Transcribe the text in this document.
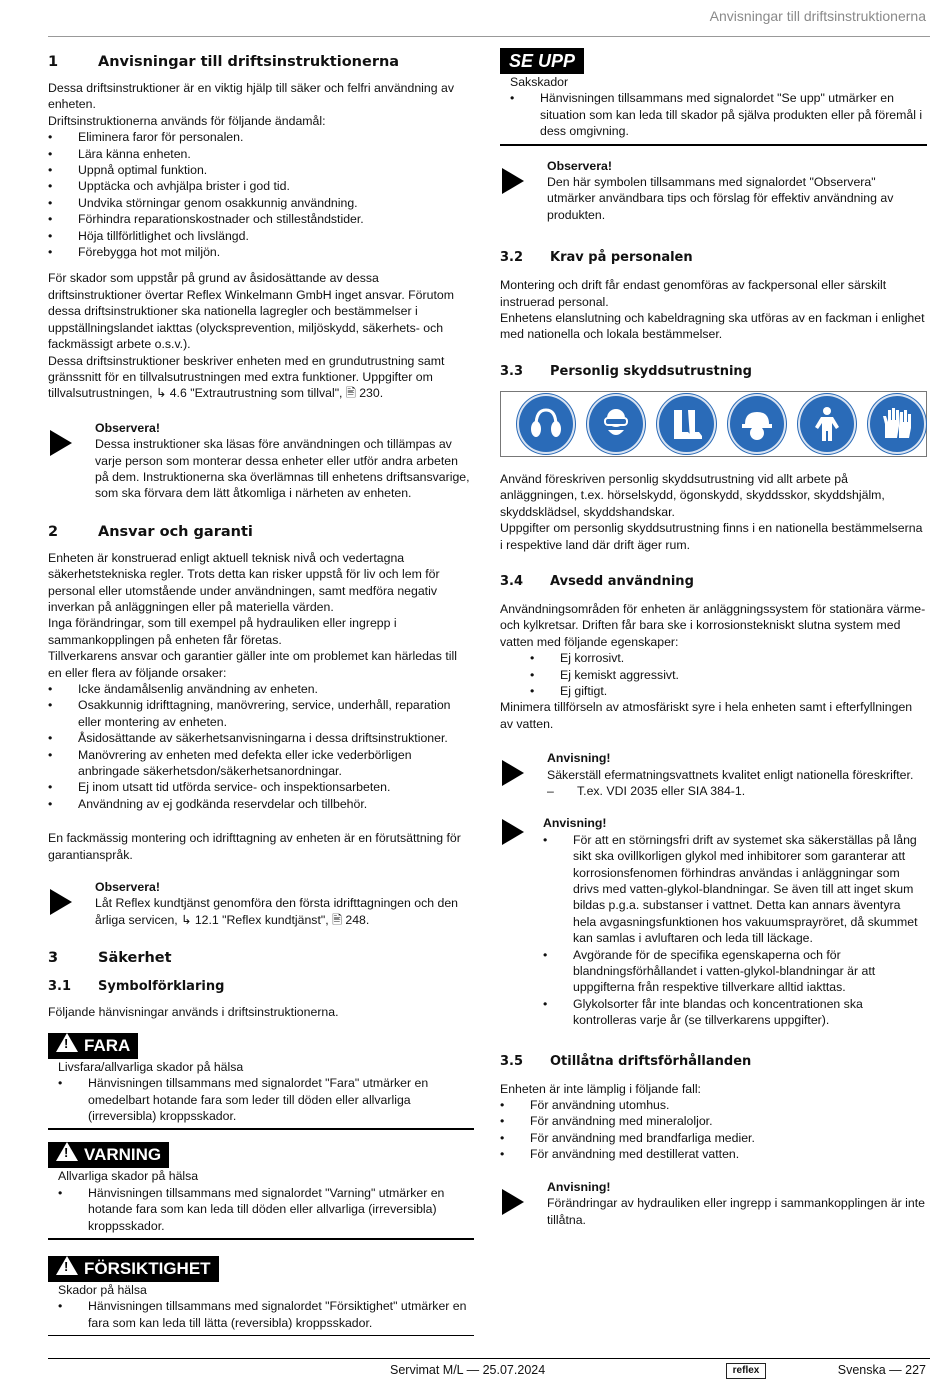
Anvisningar till driftsinstruktionerna
1	Anvisningar till driftsinstruktionerna

Dessa driftsinstruktioner är en viktig hjälp till säker och felfri användning av enheten.

Driftsinstruktionerna används för följande ändamål:

• Eliminera faror för personalen.
• Lära känna enheten.
• Uppnå optimal funktion.
• Upptäcka och avhjälpa brister i god tid.
• Undvika störningar genom osakkunnig användning.
• Förhindra reparationskostnader och stilleståndstider.
• Höja tillförlitlighet och livslängd.
• Förebygga hot mot miljön.

För skador som uppstår på grund av åsidosättande av dessa driftsinstruktioner övertar Reflex Winkelmann GmbH inget ansvar. Förutom dessa driftsinstruktioner ska nationella lagregler och bestämmelser i uppställningslandet iakttas (olycksprevention, miljöskydd, säkerhets- och fackmässigt arbete o.s.v.).

Dessa driftsinstruktioner beskriver enheten med en grundutrustning samt gränssnitt för en tillvalsutrustningen med extra funktioner. Uppgifter om tillvalsutrustningen, ↳ 4.6 "Extrautrustning som tillval", 🖹 230.

Observera!
Dessa instruktioner ska läsas före användningen och tillämpas av varje person som monterar dessa enheter eller utför andra arbeten på dem. Instruktionerna ska överlämnas till enhetens driftsansvarige, som ska förvara dem lätt åtkomliga i närheten av enheten.
2	Ansvar och garanti

Enheten är konstruerad enligt aktuell teknisk nivå och vedertagna säkerhetstekniska regler. Trots detta kan risker uppstå för liv och lem för personal eller utomstående under användningen, samt medföra negativ inverkan på anläggningen eller på materiella värden.

Inga förändringar, som till exempel på hydrauliken eller ingrepp i sammankopplingen på enheten får företas.

Tillverkarens ansvar och garantier gäller inte om problemet kan härledas till en eller flera av följande orsaker:

• Icke ändamålsenlig användning av enheten.
• Osakkunnig idrifttagning, manövrering, service, underhåll, reparation eller montering av enheten.
• Åsidosättande av säkerhetsanvisningarna i dessa driftsinstruktioner.
• Manövrering av enheten med defekta eller icke vederbörligen anbringade säkerhetsdon/säkerhetsanordningar.
• Ej inom utsatt tid utförda service- och inspektionsarbeten.
• Användning av ej godkända reservdelar och tillbehör.

En fackmässig montering och idrifttagning av enheten är en förutsättning för garantianspråk.

Observera!
Låt Reflex kundtjänst genomföra den första idrifttagningen och den årliga servicen, ↳ 12.1 "Reflex kundtjänst", 🖹 248.
3	Säkerhet
3.1 Symbolförklaring

Följande hänvisningar används i driftsinstruktionerna.

!FARA
Livsfara/allvarliga skador på hälsa
• Hänvisningen tillsammans med signalordet "Fara" utmärker en omedelbart hotande fara som leder till döden eller allvarliga (irreversibla) kroppsskador.
!VARNING
Allvarliga skador på hälsa
• Hänvisningen tillsammans med signalordet "Varning" utmärker en hotande fara som kan leda till döden eller allvarliga (irreversibla) kroppsskador.
!FÖRSIKTIGHET
Skador på hälsa
• Hänvisningen tillsammans med signalordet "Försiktighet" utmärker en fara som kan leda till lätta (reversibla) kroppsskador.
SE UPP
Sakskador
• Hänvisningen tillsammans med signalordet "Se upp" utmärker en situation som kan leda till skador på själva produkten eller på föremål i dess omgivning.
Observera!
Den här symbolen tillsammans med signalordet "Observera" utmärker användbara tips och förslag för effektiv användning av produkten.
3.2 Krav på personalen

Montering och drift får endast genomföras av fackpersonal eller särskilt instruerad personal.

Enhetens elanslutning och kabeldragning ska utföras av en fackman i enlighet med nationella och lokala bestämmelser.

3.3 Personlig skyddsutrustning

Använd föreskriven personlig skyddsutrustning vid allt arbete på anläggningen, t.ex. hörselskydd, ögonskydd, skyddsskor, skyddshjälm, skyddsklädsel, skyddshandskar.

Uppgifter om personlig skyddsutrustning finns i en nationella bestämmelserna i respektive land där drift äger rum.

3.4 Avsedd användning

Användningsområden för enheten är anläggningssystem för stationära värme- och kylkretsar. Driften får bara ske i korrosionstekniskt slutna system med vatten med följande egenskaper:

• Ej korrosivt.
• Ej kemiskt aggressivt.
• Ej giftigt.

Minimera tillförseln av atmosfäriskt syre i hela enheten samt i efterfyllningen av vatten.

Anvisning!
Säkerställ efermatningsvattnets kvalitet enligt nationella föreskrifter.
– T.ex. VDI 2035 eller SIA 384-1.
Anvisning!
• För att en störningsfri drift av systemet ska säkerställas på lång sikt ska ovillkorligen glykol med inhibitorer som garanterar att korrosionsfenomen förhindras användas i anläggningar som drivs med vatten-glykol-blandningar. Se även till att inget skum bildas p.g.a. substanser i vattnet. Detta kan annars äventyra hela avgasningsfunktionen hos vakuumsprayröret, då skummet kan samlas i avluftaren och leda till läckage.
• Avgörande för de specifika egenskaperna och för blandningsförhållandet i vatten-glykol-blandningar är att uppgifterna från respektive tillverkare alltid iakttas.
• Glykolsorter får inte blandas och koncentrationen ska kontrolleras varje år (se tillverkarens uppgifter).
3.5 Otillåtna driftsförhållanden

Enheten är inte lämplig i följande fall:

• För användning utomhus.
• För användning med mineraloljor.
• För användning med brandfarliga medier.
• För användning med destillerat vatten.
Anvisning!
Förändringar av hydrauliken eller ingrepp i sammankopplingen är inte tillåtna.
Servimat M/L — 25.07.2024	reflex	Svenska — 227
